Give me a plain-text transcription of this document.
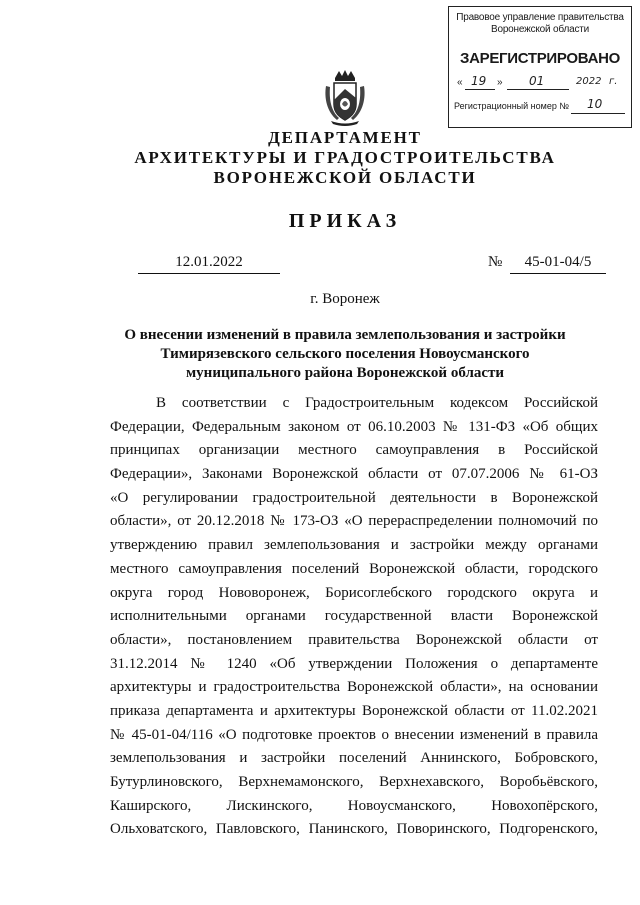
Правовое управление правительства
Воронежской области
ЗАРЕГИСТРИРОВАНО
« 19 » 01	2022 г.
Регистрационный номер № 10
ДЕПАРТАМЕНТ
АРХИТЕКТУРЫ И ГРАДОСТРОИТЕЛЬСТВА
ВОРОНЕЖСКОЙ ОБЛАСТИ
ПРИКАЗ
12.01.2022	№	45-01-04/5
г. Воронеж
О внесении изменений в правила землепользования и застройки
Тимирязевского сельского поселения Новоусманского
муниципального района Воронежской области
В соответствии с Градостроительным кодексом Российской
Федерации, Федеральным законом от 06.10.2003 № 131-ФЗ «Об общих
принципах организации местного самоуправления в Российской
Федерации», Законами Воронежской области от 07.07.2006 № 61-ОЗ
«О регулировании градостроительной деятельности в Воронежской
области», от 20.12.2018 № 173-ОЗ «О перераспределении полномочий по
утверждению правил землепользования и застройки между органами
местного самоуправления поселений Воронежской области, городского
округа город Нововоронеж, Борисоглебского городского округа и
исполнительными органами государственной власти Воронежской
области», постановлением правительства Воронежской области от
31.12.2014 № 1240 «Об утверждении Положения о департаменте
архитектуры и градостроительства Воронежской области», на основании
приказа департамента и архитектуры Воронежской области от 11.02.2021
№ 45-01-04/116 «О подготовке проектов о внесении изменений в правила
землепользования и застройки поселений Аннинского, Бобровского,
Бутурлиновского, Верхнемамонского, Верхнехавского, Воробьёвского,
Каширского, Лискинского, Новоусманского, Новохопёрского,
Ольховатского, Павловского, Панинского, Поворинского, Подгоренского,
